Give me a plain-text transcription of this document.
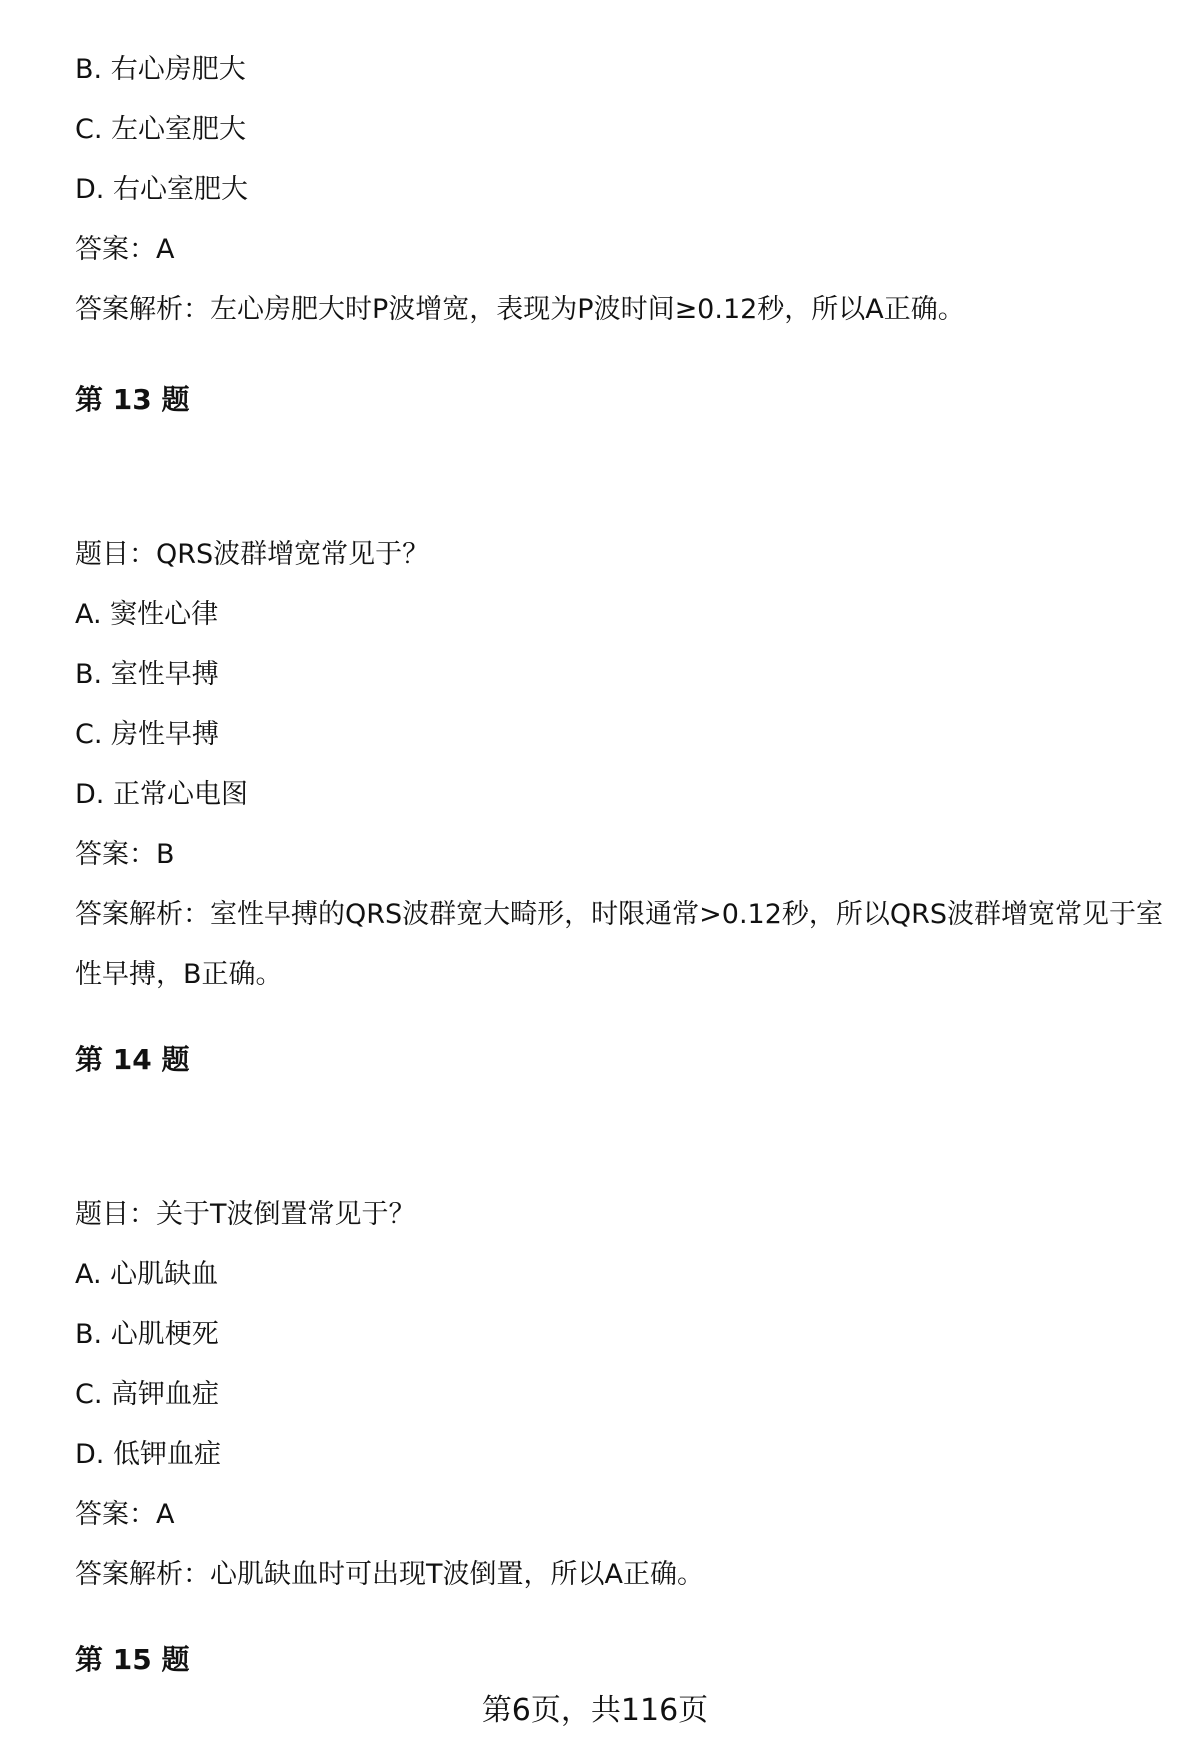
B. 右心房肥大
C. 左心室肥大
D. 右心室肥大
答案：A
答案解析：左心房肥大时P波增宽，表现为P波时间≥0.12秒，所以A正确。
第 13 题
题目：QRS波群增宽常见于？
A. 窦性心律
B. 室性早搏
C. 房性早搏
D. 正常心电图
答案：B
答案解析：室性早搏的QRS波群宽大畸形，时限通常>0.12秒，所以QRS波群增宽常见于室性早搏，B正确。
第 14 题
题目：关于T波倒置常见于？
A. 心肌缺血
B. 心肌梗死
C. 高钾血症
D. 低钾血症
答案：A
答案解析：心肌缺血时可出现T波倒置，所以A正确。
第 15 题
第6页，共116页
